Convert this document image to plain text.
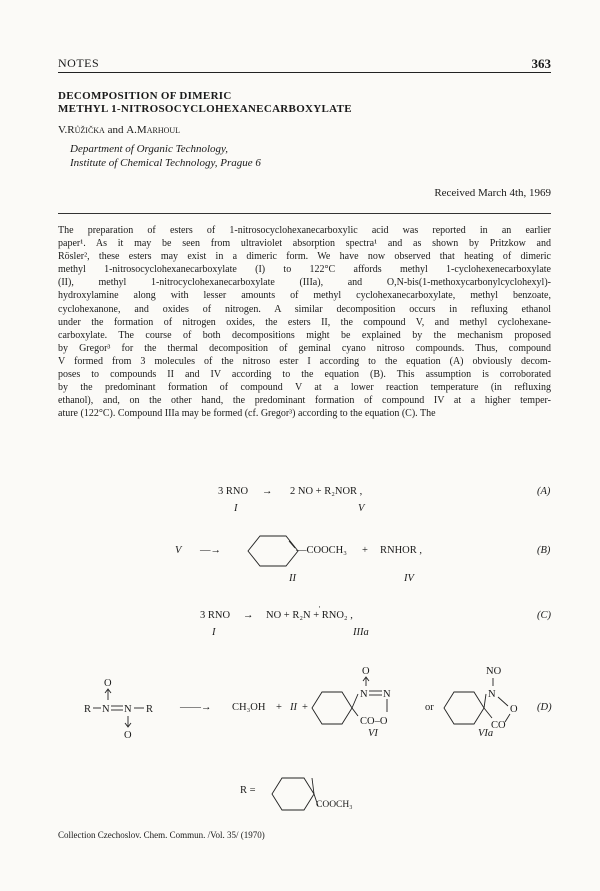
NOTES	363
DECOMPOSITION OF DIMERIC
METHYL 1-NITROSOCYCLOHEXANECARBOXYLATE
V.Růžička and A.Marhoul
Department of Organic Technology,
Institute of Chemical Technology, Prague 6
Received March 4th, 1969
The preparation of esters of 1-nitrosocyclohexanecarboxylic acid was reported in an earlier
paper¹. As it may be seen from ultraviolet absorption spectra¹ and as shown by Pritzkow and
Rösler², these esters may exist in a dimeric form. We have now observed that heating of dimeric
methyl 1-nitrosocyclohexanecarboxylate (I) to 122°C affords methyl 1-cyclohexenecarboxylate
(II), methyl 1-nitrocyclohexanecarboxylate (IIIa), and O,N-bis(1-methoxycarbonylcyclohexyl)-
hydroxylamine along with lesser amounts of methyl cyclohexanecarboxylate, methyl benzoate,
cyclohexanone, and oxides of nitrogen. A similar decomposition occurs in refluxing ethanol
under the formation of nitrogen oxides, the esters II, the compound V, and methyl cyclohexane-
carboxylate. The course of both decompositions might be explained by the mechanism proposed
by Gregor³ for the thermal decomposition of geminal cyano nitroso compounds. Thus, compound
V formed from 3 molecules of the nitroso ester I according to the equation (A) obviously decom-
poses to compounds II and IV according to the equation (B). This assumption is corroborated
by the predominant formation of compound V at a lower reaction temperature (in refluxing
ethanol), and, on the other hand, the predominant formation of compound IV at a higher temper-
ature (122°C). Compound IIIa may be formed (cf. Gregor³) according to the equation (C). The
3 RNO → 2 NO + R₂NOR ,
I	V
(A)
V —→	—COOCH₃ + RNHOR ,
II	IV
(B)
3 RNO → NO + R₂N + RNO₂ ,
·
I	IIIa
(C)
O
R N N R
O
——→ CH₃OH + II +
O
N N
CO–O
VI
or
NO
N
O
CO
VIa
(D)
R =
COOCH₃
Collection Czechoslov. Chem. Commun. /Vol. 35/ (1970)
